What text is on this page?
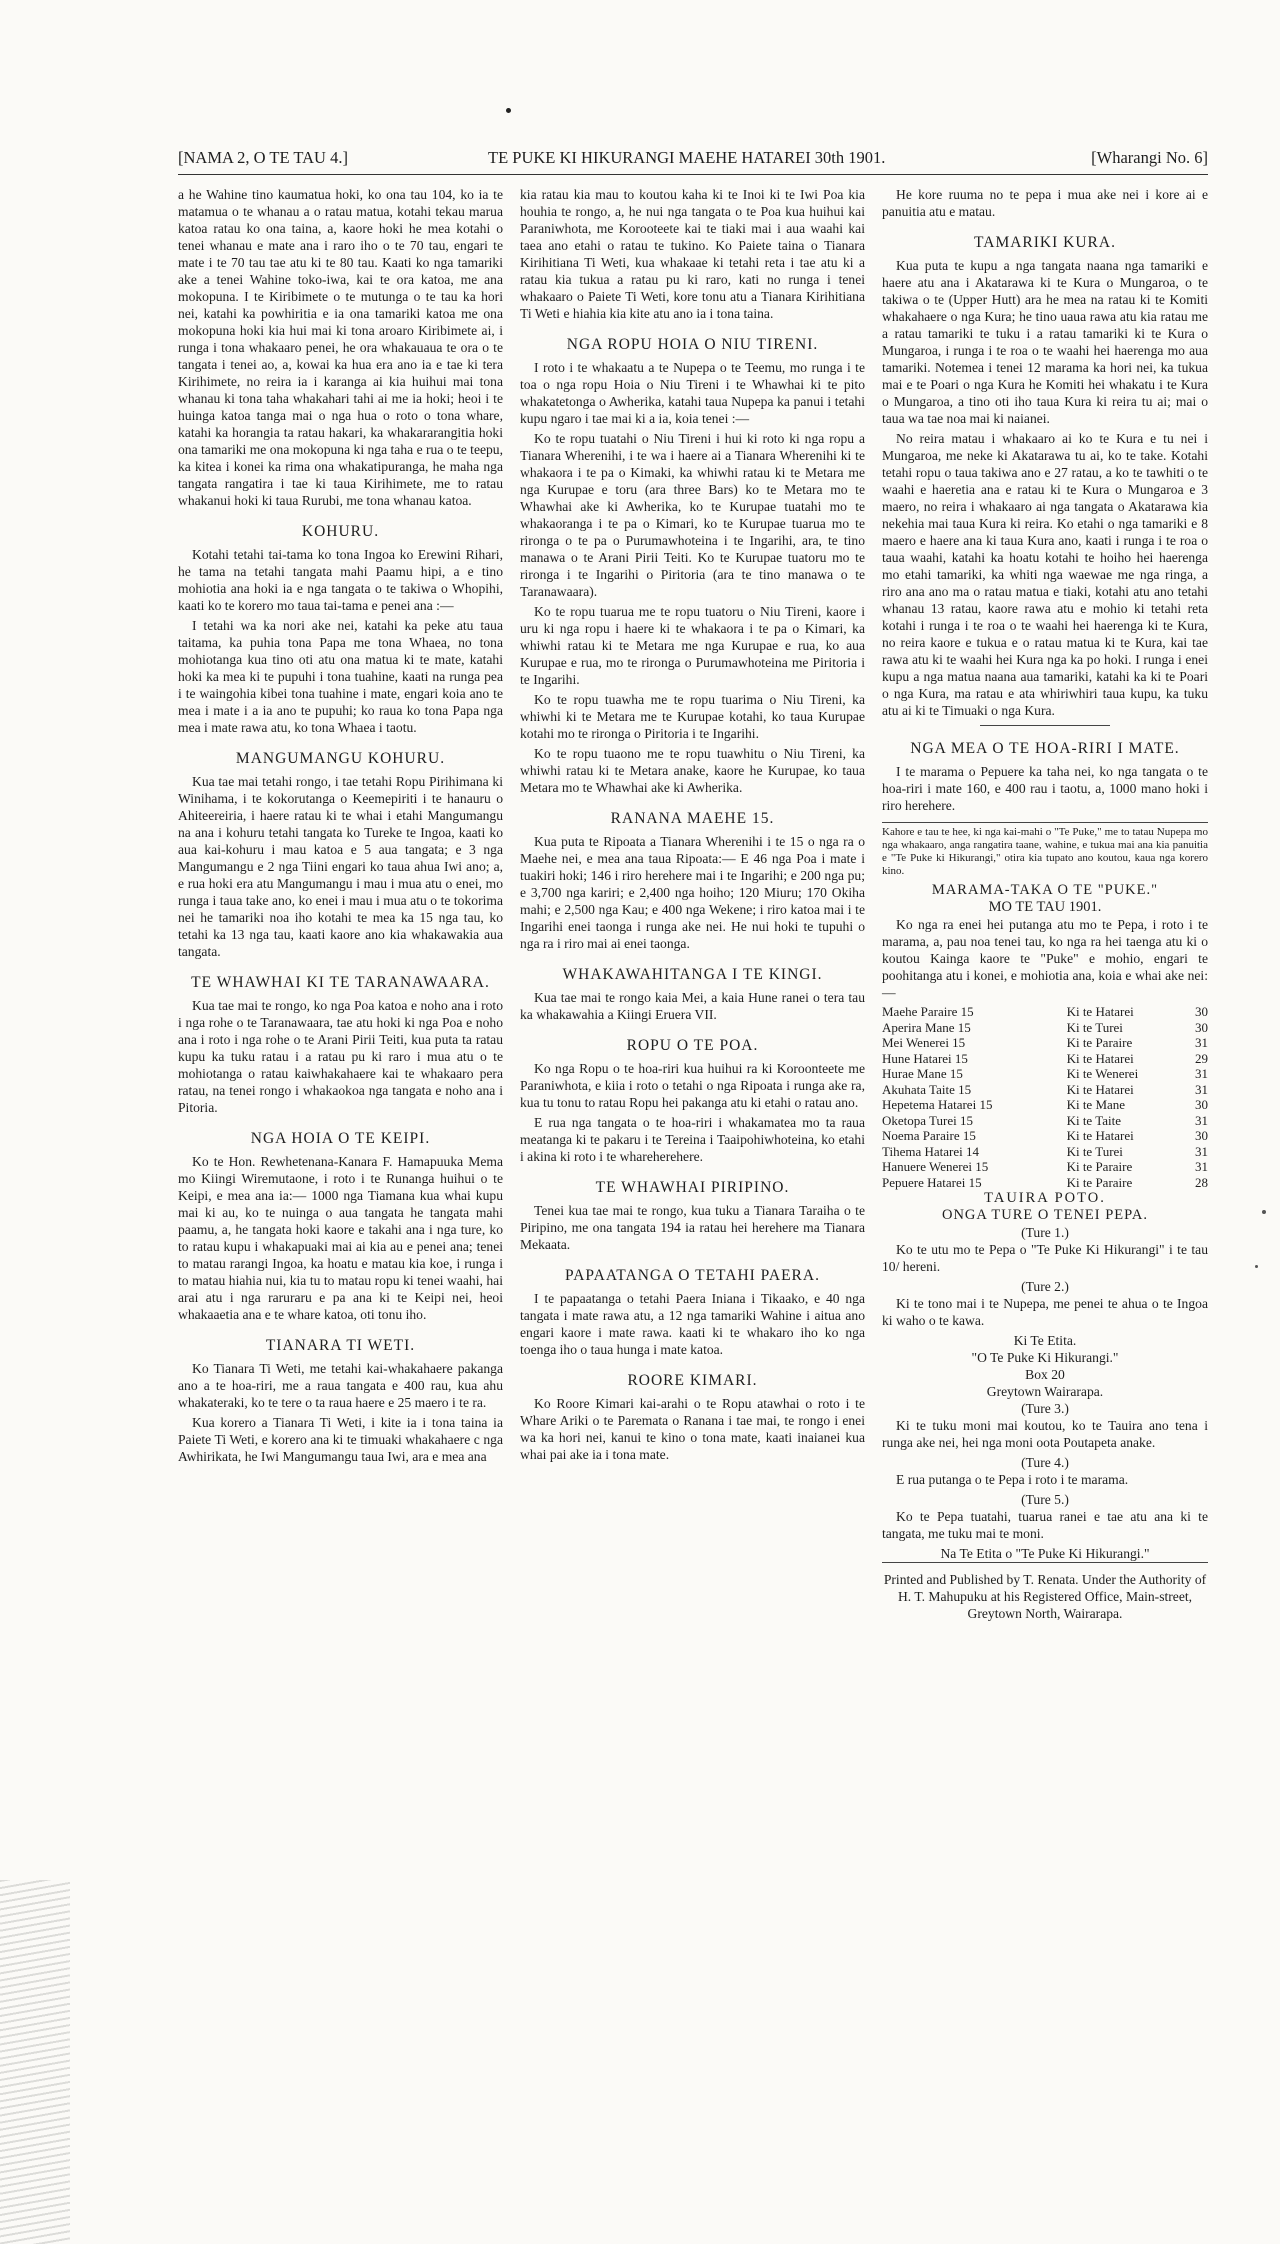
[NAMA 2, O TE TAU 4.]	TE PUKE KI HIKURANGI MAEHE HATAREI 30th 1901.	[Wharangi No. 6]

a he Wahine tino kaumatua hoki, ko ona tau 104, ko ia te matamua o te whanau a o ratau matua, kotahi tekau marua katoa ratau ko ona taina, a, kaore hoki he mea kotahi o tenei whanau e mate ana i raro iho o te 70 tau, engari te mate i te 70 tau tae atu ki te 80 tau. Kaati ko nga tamariki ake a tenei Wahine toko-iwa, kai te ora katoa, me ana mokopuna. I te Kiribimete o te mutunga o te tau ka hori nei, katahi ka powhiritia e ia ona tamariki katoa me ona mokopuna hoki kia hui mai ki tona aroaro Kiribimete ai, i runga i tona whakaaro penei, he ora whakauaua te ora o te tangata i tenei ao, a, kowai ka hua era ano ia e tae ki tera Kirihimete, no reira ia i karanga ai kia huihui mai tona whanau ki tona taha whakahari tahi ai me ia hoki; heoi i te huinga katoa tanga mai o nga hua o roto o tona whare, katahi ka horangia ta ratau hakari, ka whakararangitia hoki ona tamariki me ona mokopuna ki nga taha e rua o te teepu, ka kitea i konei ka rima ona whakatipuranga, he maha nga tangata rangatira i tae ki taua Kirihimete, me to ratau whakanui hoki ki taua Rurubi, me tona whanau katoa.

KOHURU.

Kotahi tetahi tai-tama ko tona Ingoa ko Erewini Rihari, he tama na tetahi tangata mahi Paamu hipi, a e tino mohiotia ana hoki ia e nga tangata o te takiwa o Whopihi, kaati ko te korero mo taua tai-tama e penei ana :—

I tetahi wa ka nori ake nei, katahi ka peke atu taua taitama, ka puhia tona Papa me tona Whaea, no tona mohiotanga kua tino oti atu ona matua ki te mate, katahi hoki ka mea ki te pupuhi i tona tuahine, kaati na runga pea i te waingohia kibei tona tuahine i mate, engari koia ano te mea i mate i a ia ano te pupuhi; ko raua ko tona Papa nga mea i mate rawa atu, ko tona Whaea i taotu.

MANGUMANGU KOHURU.

Kua tae mai tetahi rongo, i tae tetahi Ropu Pirihimana ki Winihama, i te kokorutanga o Keemepiriti i te hanauru o Ahiteereiria, i haere ratau ki te whai i etahi Mangumangu na ana i kohuru tetahi tangata ko Tureke te Ingoa, kaati ko aua kai-kohuru i mau katoa e 5 aua tangata; e 3 nga Mangumangu e 2 nga Tiini engari ko taua ahua Iwi ano; a, e rua hoki era atu Mangumangu i mau i mua atu o enei, mo runga i taua take ano, ko enei i mau i mua atu o te tokorima nei he tamariki noa iho kotahi te mea ka 15 nga tau, ko tetahi ka 13 nga tau, kaati kaore ano kia whakawakia aua tangata.

TE WHAWHAI KI TE TARANAWAARA.

Kua tae mai te rongo, ko nga Poa katoa e noho ana i roto i nga rohe o te Taranawaara, tae atu hoki ki nga Poa e noho ana i roto i nga rohe o te Arani Pirii Teiti, kua puta ta ratau kupu ka tuku ratau i a ratau pu ki raro i mua atu o te mohiotanga o ratau kaiwhakahaere kai te whakaaro pera ratau, na tenei rongo i whakaokoa nga tangata e noho ana i Pitoria.

NGA HOIA O TE KEIPI.

Ko te Hon. Rewhetenana-Kanara F. Hamapuuka Mema mo Kiingi Wiremutaone, i roto i te Runanga huihui o te Keipi, e mea ana ia:— 1000 nga Tiamana kua whai kupu mai ki au, ko te nuinga o aua tangata he tangata mahi paamu, a, he tangata hoki kaore e takahi ana i nga ture, ko to ratau kupu i whakapuaki mai ai kia au e penei ana; tenei to matau rarangi Ingoa, ka hoatu e matau kia koe, i runga i to matau hiahia nui, kia tu to matau ropu ki tenei waahi, hai arai atu i nga raruraru e pa ana ki te Keipi nei, heoi whakaaetia ana e te whare katoa, oti tonu iho.

TIANARA TI WETI.

Ko Tianara Ti Weti, me tetahi kai-whakahaere pakanga ano a te hoa-riri, me a raua tangata e 400 rau, kua ahu whakateraki, ko te tere o ta raua haere e 25 maero i te ra.

Kua korero a Tianara Ti Weti, i kite ia i tona taina ia Paiete Ti Weti, e korero ana ki te timuaki whakahaere c nga Awhirikata, he Iwi Mangumangu taua Iwi, ara e mea ana

kia ratau kia mau to koutou kaha ki te Inoi ki te Iwi Poa kia houhia te rongo, a, he nui nga tangata o te Poa kua huihui kai Paraniwhota, me Korooteete kai te tiaki mai i aua waahi kai taea ano etahi o ratau te tukino. Ko Paiete taina o Tianara Kirihitiana Ti Weti, kua whakaae ki tetahi reta i tae atu ki a ratau kia tukua a ratau pu ki raro, kati no runga i tenei whakaaro o Paiete Ti Weti, kore tonu atu a Tianara Kirihitiana Ti Weti e hiahia kia kite atu ano ia i tona taina.

NGA ROPU HOIA O NIU TIRENI.

I roto i te whakaatu a te Nupepa o te Teemu, mo runga i te toa o nga ropu Hoia o Niu Tireni i te Whawhai ki te pito whakatetonga o Awherika, katahi taua Nupepa ka panui i tetahi kupu ngaro i tae mai ki a ia, koia tenei :—

Ko te ropu tuatahi o Niu Tireni i hui ki roto ki nga ropu a Tianara Wherenihi, i te wa i haere ai a Tianara Wherenihi ki te whakaora i te pa o Kimaki, ka whiwhi ratau ki te Metara me nga Kurupae e toru (ara three Bars) ko te Metara mo te Whawhai ake ki Awherika, ko te Kurupae tuatahi mo te whakaoranga i te pa o Kimari, ko te Kurupae tuarua mo te rironga o te pa o Purumawhoteina i te Ingarihi, ara, te tino manawa o te Arani Pirii Teiti. Ko te Kurupae tuatoru mo te rironga i te Ingarihi o Piritoria (ara te tino manawa o te Taranawaara).

Ko te ropu tuarua me te ropu tuatoru o Niu Tireni, kaore i uru ki nga ropu i haere ki te whakaora i te pa o Kimari, ka whiwhi ratau ki te Metara me nga Kurupae e rua, ko aua Kurupae e rua, mo te rironga o Purumawhoteina me Piritoria i te Ingarihi.

Ko te ropu tuawha me te ropu tuarima o Niu Tireni, ka whiwhi ki te Metara me te Kurupae kotahi, ko taua Kurupae kotahi mo te rironga o Piritoria i te Ingarihi.

Ko te ropu tuaono me te ropu tuawhitu o Niu Tireni, ka whiwhi ratau ki te Metara anake, kaore he Kurupae, ko taua Metara mo te Whawhai ake ki Awherika.

RANANA MAEHE 15.

Kua puta te Ripoata a Tianara Wherenihi i te 15 o nga ra o Maehe nei, e mea ana taua Ripoata:— E 46 nga Poa i mate i tuakiri hoki; 146 i riro herehere mai i te Ingarihi; e 200 nga pu; e 3,700 nga kariri; e 2,400 nga hoiho; 120 Miuru; 170 Okiha mahi; e 2,500 nga Kau; e 400 nga Wekene; i riro katoa mai i te Ingarihi enei taonga i runga ake nei. He nui hoki te tupuhi o nga ra i riro mai ai enei taonga.

WHAKAWAHITANGA I TE KINGI.

Kua tae mai te rongo kaia Mei, a kaia Hune ranei o tera tau ka whakawahia a Kiingi Eruera VII.

ROPU O TE POA.

Ko nga Ropu o te hoa-riri kua huihui ra ki Koroonteete me Paraniwhota, e kiia i roto o tetahi o nga Ripoata i runga ake ra, kua tu tonu to ratau Ropu hei pakanga atu ki etahi o ratau ano.

E rua nga tangata o te hoa-riri i whakamatea mo ta raua meatanga ki te pakaru i te Tereina i Taaipohiwhoteina, ko etahi i akina ki roto i te whareherehere.

TE WHAWHAI PIRIPINO.

Tenei kua tae mai te rongo, kua tuku a Tianara Taraiha o te Piripino, me ona tangata 194 ia ratau hei herehere ma Tianara Mekaata.

PAPAATANGA O TETAHI PAERA.

I te papaatanga o tetahi Paera Iniana i Tikaako, e 40 nga tangata i mate rawa atu, a 12 nga tamariki Wahine i aitua ano engari kaore i mate rawa. kaati ki te whakaro iho ko nga toenga iho o taua hunga i mate katoa.

ROORE KIMARI.

Ko Roore Kimari kai-arahi o te Ropu atawhai o roto i te Whare Ariki o te Paremata o Ranana i tae mai, te rongo i enei wa ka hori nei, kanui te kino o tona mate, kaati inaianei kua whai pai ake ia i tona mate.

He kore ruuma no te pepa i mua ake nei i kore ai e panuitia atu e matau.

TAMARIKI KURA.

Kua puta te kupu a nga tangata naana nga tamariki e haere atu ana i Akatarawa ki te Kura o Mungaroa, o te takiwa o te (Upper Hutt) ara he mea na ratau ki te Komiti whakahaere o nga Kura; he tino uaua rawa atu kia ratau me a ratau tamariki te tuku i a ratau tamariki ki te Kura o Mungaroa, i runga i te roa o te waahi hei haerenga mo aua tamariki. Notemea i tenei 12 marama ka hori nei, ka tukua mai e te Poari o nga Kura he Komiti hei whakatu i te Kura o Mungaroa, a tino oti iho taua Kura ki reira tu ai; mai o taua wa tae noa mai ki naianei.

No reira matau i whakaaro ai ko te Kura e tu nei i Mungaroa, me neke ki Akatarawa tu ai, ko te take. Kotahi tetahi ropu o taua takiwa ano e 27 ratau, a ko te tawhiti o te waahi e haeretia ana e ratau ki te Kura o Mungaroa e 3 maero, no reira i whakaaro ai nga tangata o Akatarawa kia nekehia mai taua Kura ki reira. Ko etahi o nga tamariki e 8 maero e haere ana ki taua Kura ano, kaati i runga i te roa o taua waahi, katahi ka hoatu kotahi te hoiho hei haerenga mo etahi tamariki, ka whiti nga waewae me nga ringa, a riro ana ano ma o ratau matua e tiaki, kotahi atu ano tetahi whanau 13 ratau, kaore rawa atu e mohio ki tetahi reta kotahi i runga i te roa o te waahi hei haerenga ki te Kura, no reira kaore e tukua e o ratau matua ki te Kura, kai tae rawa atu ki te waahi hei Kura nga ka po hoki. I runga i enei kupu a nga matua naana aua tamariki, katahi ka ki te Poari o nga Kura, ma ratau e ata whiriwhiri taua kupu, ka tuku atu ai ki te Timuaki o nga Kura.

NGA MEA O TE HOA-RIRI I MATE.

I te marama o Pepuere ka taha nei, ko nga tangata o te hoa-riri i mate 160, e 400 rau i taotu, a, 1000 mano hoki i riro herehere.

Kahore e tau te hee, ki nga kai-mahi o "Te Puke," me to tatau Nupepa mo nga whakaaro, anga rangatira taane, wahine, e tukua mai ana kia panuitia e "Te Puke ki Hikurangi," otira kia tupato ano koutou, kaua nga korero kino.
MARAMA-TAKA O TE "PUKE."
MO TE TAU 1901.

Ko nga ra enei hei putanga atu mo te Pepa, i roto i te marama, a, pau noa tenei tau, ko nga ra hei taenga atu ki o koutou Kainga kaore te "Puke" e mohio, engari te poohitanga atu i konei, e mohiotia ana, koia e whai ake nei:—

Maehe Paraire 15	Ki te Hatarei	30
Aperira Mane 15	Ki te Turei	30
Mei Wenerei 15	Ki te Paraire	31
Hune Hatarei 15	Ki te Hatarei	29
Hurae Mane 15	Ki te Wenerei	31
Akuhata Taite 15	Ki te Hatarei	31
Hepetema Hatarei 15	Ki te Mane	30
Oketopa Turei 15	Ki te Taite	31
Noema Paraire 15	Ki te Hatarei	30
Tihema Hatarei 14	Ki te Turei	31
Hanuere Wenerei 15	Ki te Paraire	31
Pepuere Hatarei 15	Ki te Paraire	28
TAUIRA POTO.
ONGA TURE O TENEI PEPA.
(Ture 1.)

Ko te utu mo te Pepa o "Te Puke Ki Hikurangi" i te tau 10/ hereni.

(Ture 2.)

Ki te tono mai i te Nupepa, me penei te ahua o te Ingoa ki waho o te kawa.

Ki Te Etita.
"O Te Puke Ki Hikurangi."
Box 20
Greytown Wairarapa.
(Ture 3.)

Ki te tuku moni mai koutou, ko te Tauira ano tena i runga ake nei, hei nga moni oota Poutapeta anake.

(Ture 4.)

E rua putanga o te Pepa i roto i te marama.

(Ture 5.)

Ko te Pepa tuatahi, tuarua ranei e tae atu ana ki te tangata, me tuku mai te moni.

Na Te Etita o "Te Puke Ki Hikurangi."

Printed and Published by T. Renata. Under the Authority of H. T. Mahupuku at his Registered Office, Main-street, Greytown North, Wairarapa.
